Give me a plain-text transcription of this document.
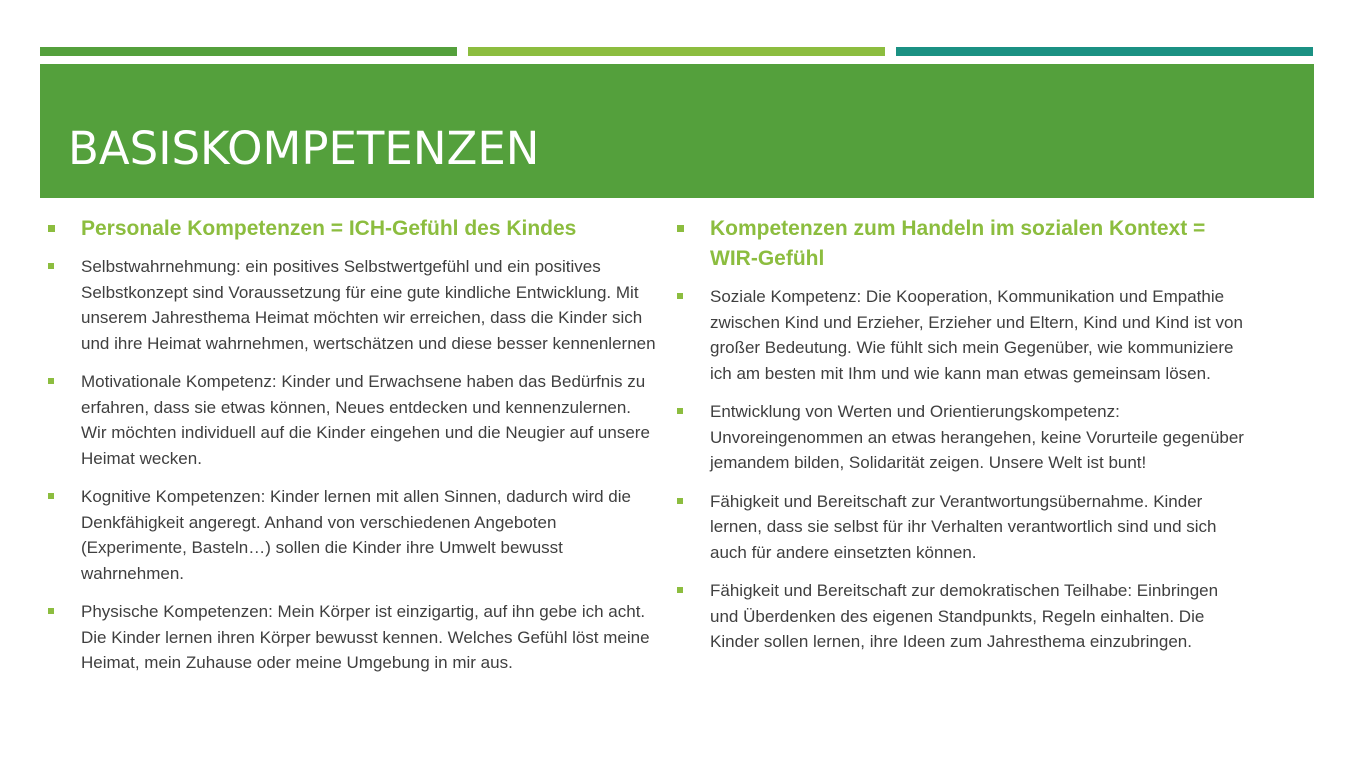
BASISKOMPETENZEN
Personale Kompetenzen = ICH-Gefühl des Kindes
Selbstwahrnehmung: ein positives Selbstwertgefühl und ein positives Selbstkonzept sind Voraussetzung für eine gute kindliche Entwicklung. Mit unserem Jahresthema Heimat möchten wir erreichen, dass die Kinder sich und ihre Heimat wahrnehmen, wertschätzen und diese besser kennenlernen
Motivationale Kompetenz: Kinder und Erwachsene haben das Bedürfnis zu erfahren, dass sie etwas können, Neues entdecken und kennenzulernen. Wir möchten individuell auf die Kinder eingehen und die Neugier auf unsere Heimat wecken.
Kognitive Kompetenzen: Kinder lernen mit allen Sinnen, dadurch wird die Denkfähigkeit angeregt. Anhand von verschiedenen Angeboten (Experimente, Basteln…) sollen die Kinder ihre Umwelt bewusst wahrnehmen.
Physische Kompetenzen: Mein Körper ist einzigartig, auf ihn gebe ich acht. Die Kinder lernen ihren Körper bewusst kennen. Welches Gefühl löst meine Heimat, mein Zuhause oder meine Umgebung in mir aus.
Kompetenzen zum Handeln im sozialen Kontext = WIR-Gefühl
Soziale Kompetenz: Die Kooperation, Kommunikation und Empathie zwischen Kind und Erzieher, Erzieher und Eltern, Kind und Kind ist von großer Bedeutung. Wie fühlt sich mein Gegenüber, wie kommuniziere ich am besten mit Ihm und wie kann man etwas gemeinsam lösen.
Entwicklung von Werten und Orientierungskompetenz: Unvoreingenommen an etwas herangehen, keine Vorurteile gegenüber jemandem bilden, Solidarität zeigen. Unsere Welt ist bunt!
Fähigkeit und Bereitschaft zur Verantwortungsübernahme. Kinder lernen, dass sie selbst für ihr Verhalten verantwortlich sind und sich auch für andere einsetzten können.
Fähigkeit und Bereitschaft zur demokratischen Teilhabe: Einbringen und Überdenken des eigenen Standpunkts, Regeln einhalten. Die Kinder sollen lernen, ihre Ideen zum Jahresthema einzubringen.
